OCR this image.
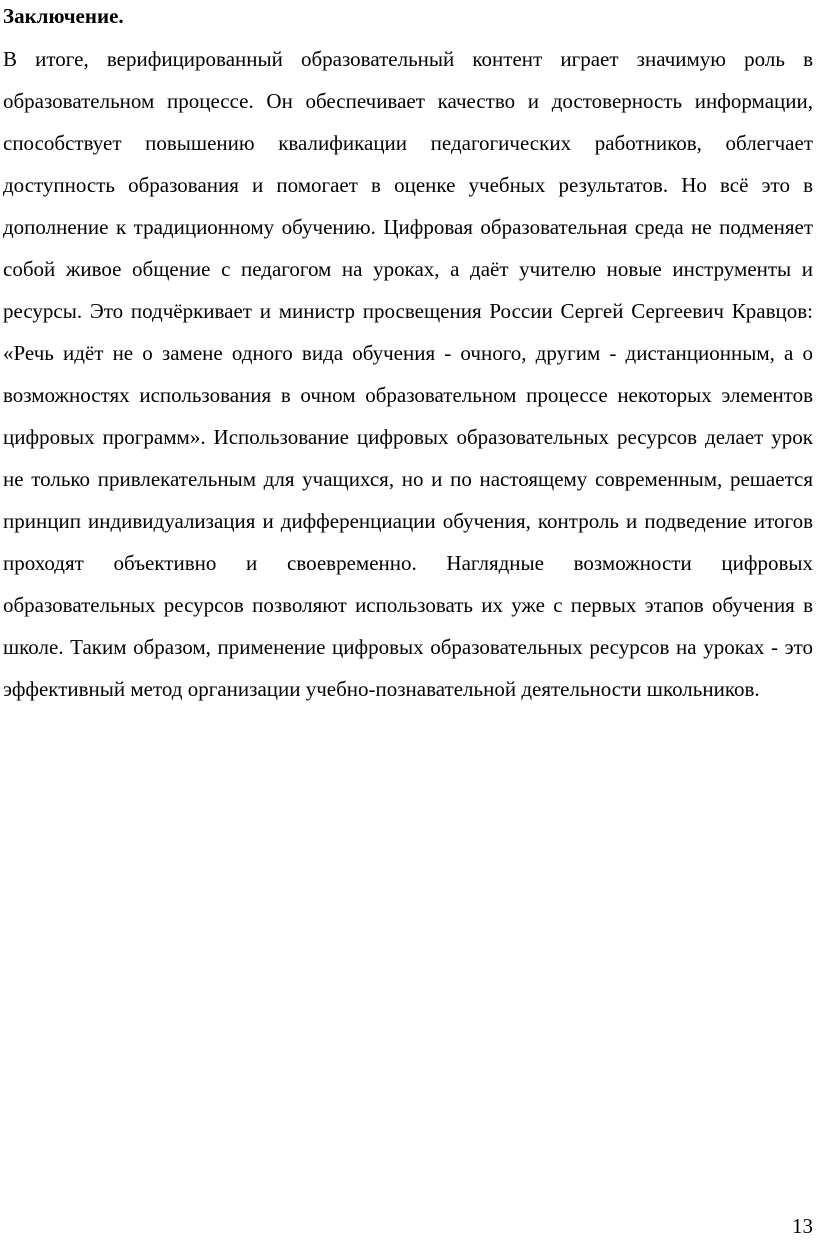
Заключение.

В итоге, верифицированный образовательный контент играет значимую роль в образовательном процессе. Он обеспечивает качество и достоверность информации, способствует повышению квалификации педагогических работников, облегчает доступность образования и помогает в оценке учебных результатов. Но всё это в дополнение к традиционному обучению. Цифровая образовательная среда не подменяет собой живое общение с педагогом на уроках, а даёт учителю новые инструменты и ресурсы. Это подчёркивает и министр просвещения России Сергей Сергеевич Кравцов: «Речь идёт не о замене одного вида обучения - очного, другим - дистанционным, а о возможностях использования в очном образовательном процессе некоторых элементов цифровых программ». Использование цифровых образовательных ресурсов делает урок не только привлекательным для учащихся, но и по настоящему современным, решается принцип индивидуализация и дифференциации обучения, контроль и подведение итогов проходят объективно и своевременно. Наглядные возможности цифровых образовательных ресурсов позволяют использовать их уже с первых этапов обучения в школе. Таким образом, применение цифровых образовательных ресурсов на уроках - это эффективный метод организации учебно-познавательной деятельности школьников.

13
